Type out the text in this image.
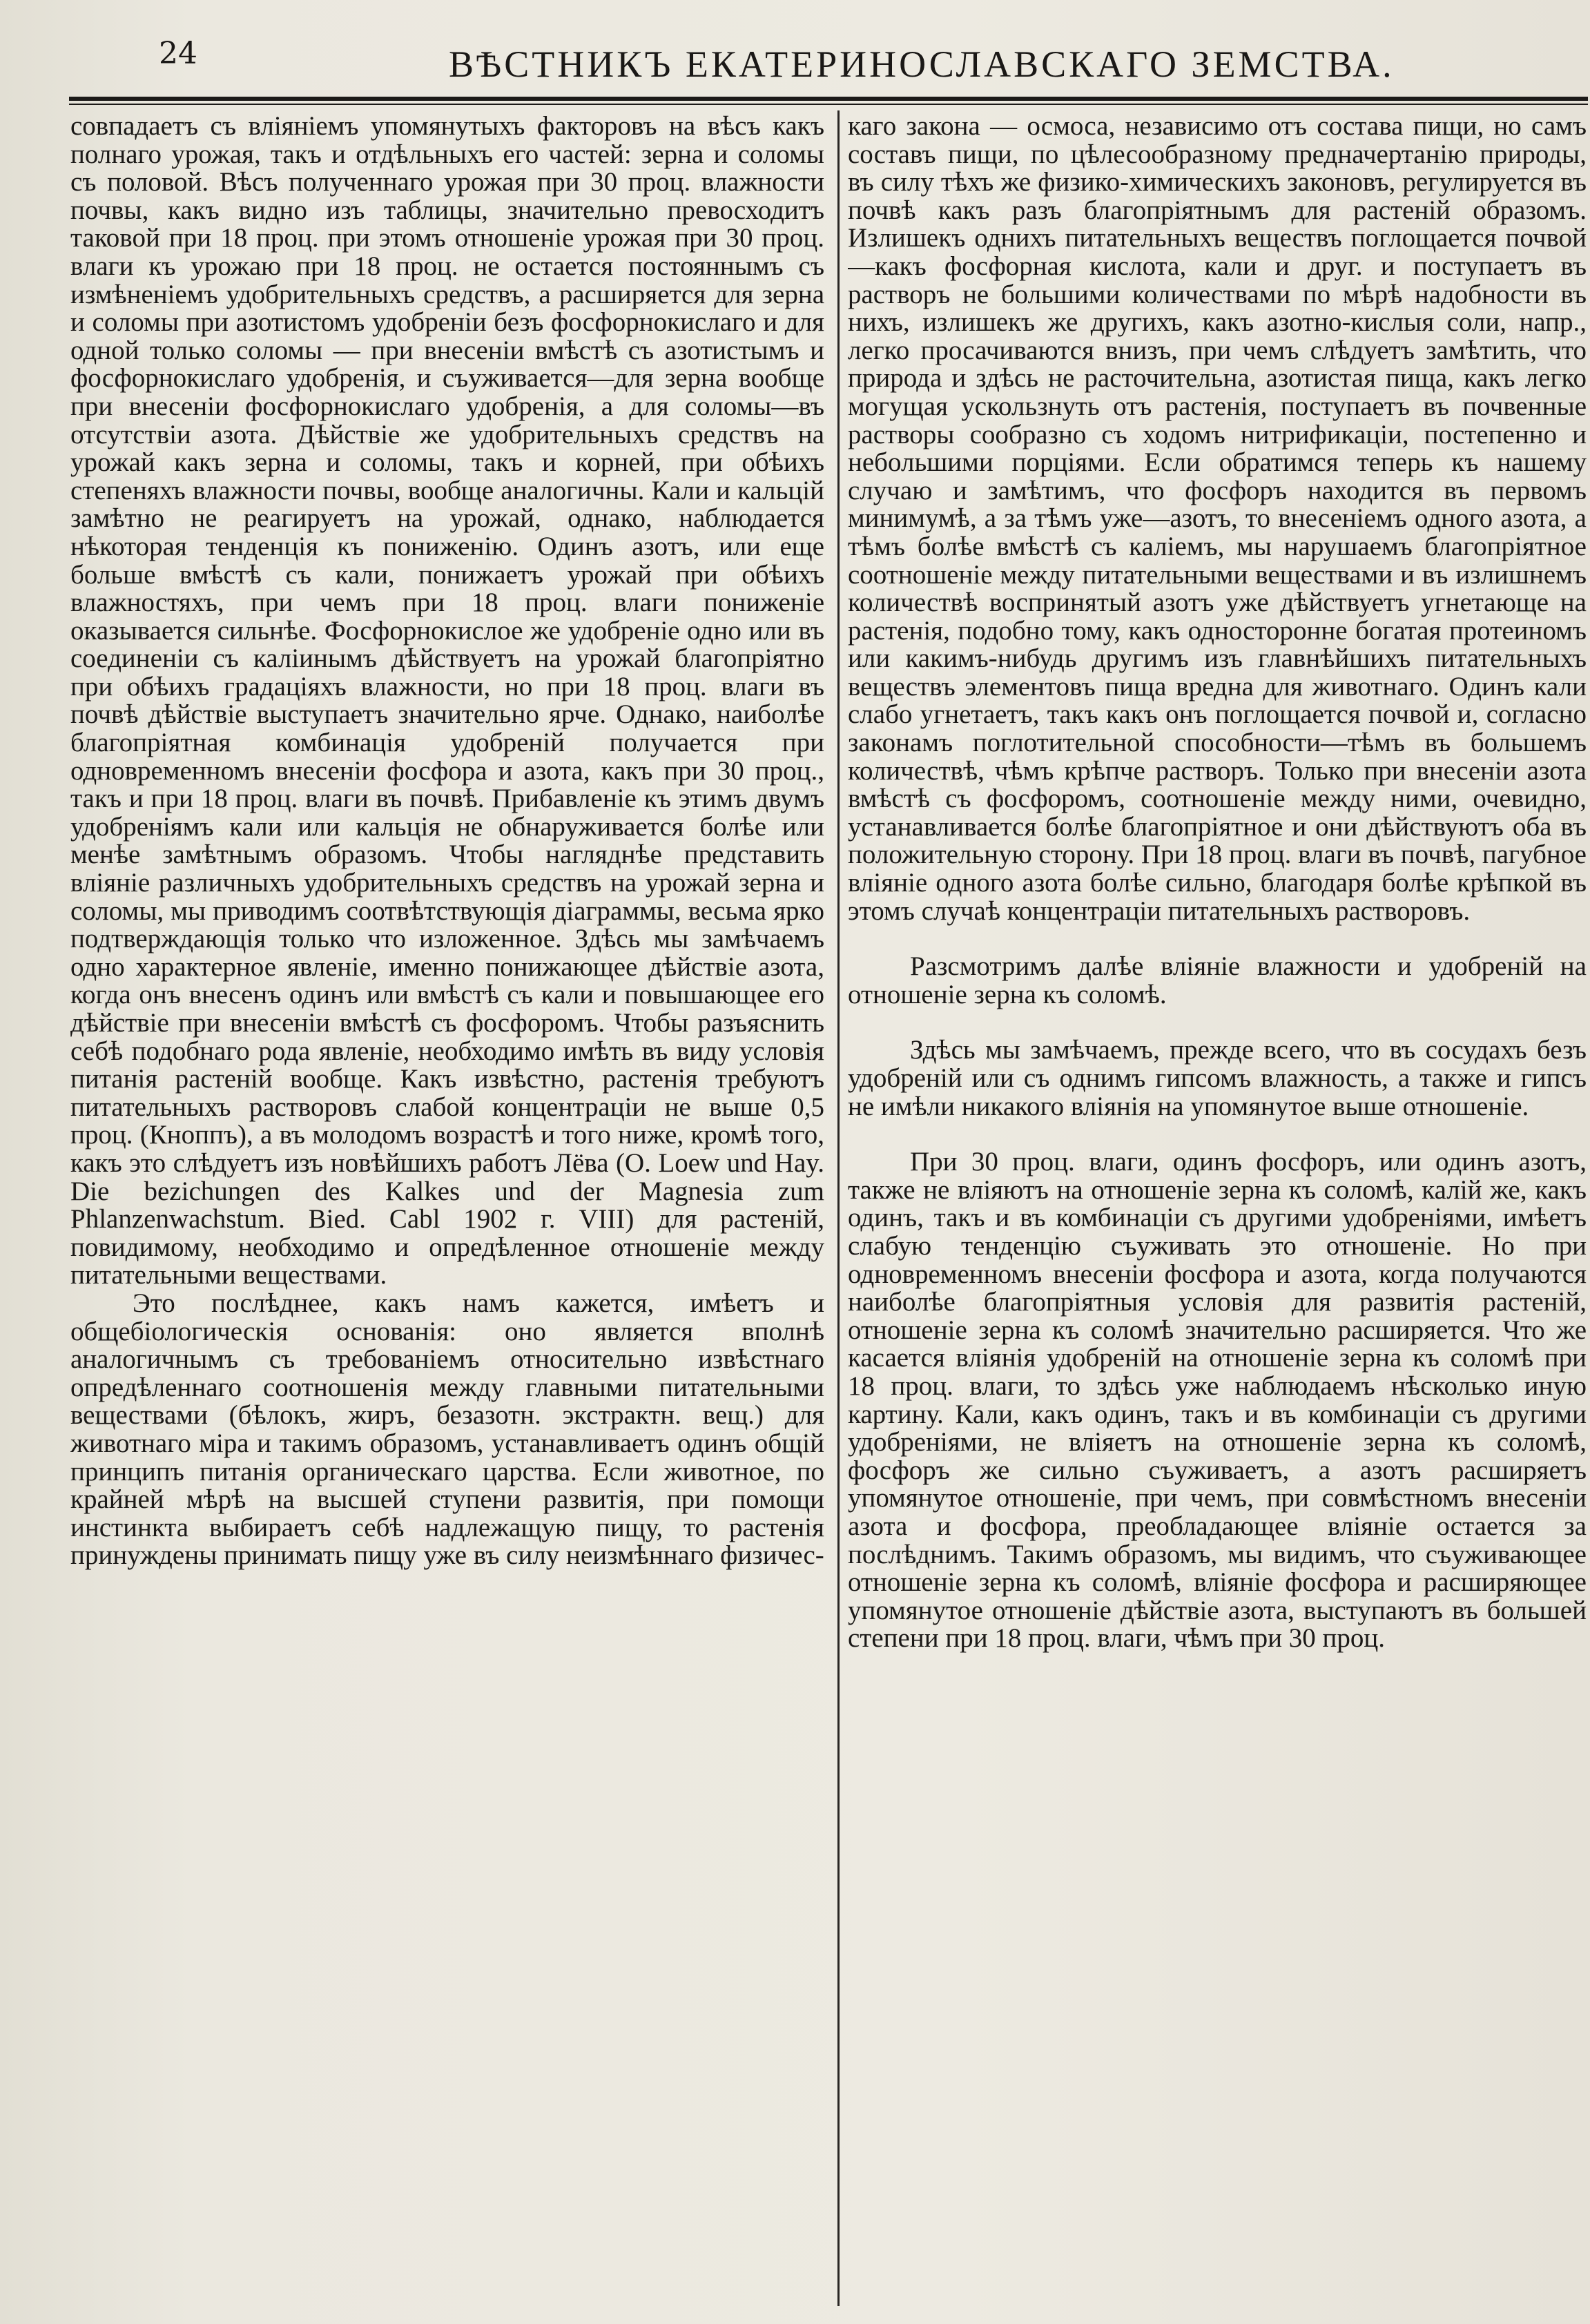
24	ВѢСТНИКЪ ЕКАТЕРИНОСЛАВСКАГО ЗЕМСТВА.

совпадаетъ съ вліяніемъ упомянутыхъ факторовъ на вѣсъ какъ полнаго урожая, такъ и отдѣльныхъ его частей: зерна и соломы съ половой. Вѣсъ полученнаго урожая при 30 проц. влажности почвы, какъ видно изъ таблицы, значительно превосходитъ таковой при 18 проц. при этомъ отношеніе урожая при 30 проц. влаги къ урожаю при 18 проц. не остается постояннымъ съ измѣненіемъ удобрительныхъ средствъ, а расширяется для зерна и соломы при азотистомъ удобреніи безъ фосфорнокислаго и для одной только соломы — при внесеніи вмѣстѣ съ азотистымъ и фосфорнокислаго удобренія, и съуживается—для зерна вообще при внесеніи фосфорнокислаго удобренія, а для соломы—въ отсутствіи азота. Дѣйствіе же удобрительныхъ средствъ на урожай какъ зерна и соломы, такъ и корней, при обѣихъ степеняхъ влажности почвы, вообще аналогичны. Кали и кальцій замѣтно не реагируетъ на урожай, однако, наблюдается нѣкоторая тенденція къ пониженію. Одинъ азотъ, или еще больше вмѣстѣ съ кали, понижаетъ урожай при обѣихъ влажностяхъ, при чемъ при 18 проц. влаги пониженіе оказывается сильнѣе. Фосфорнокислое же удобреніе одно или въ соединеніи съ каліинымъ дѣйствуетъ на урожай благопріятно при обѣихъ градаціяхъ влажности, но при 18 проц. влаги въ почвѣ дѣйствіе выступаетъ значительно ярче. Однако, наиболѣе благопріятная комбинація удобреній получается при одновременномъ внесеніи фосфора и азота, какъ при 30 проц., такъ и при 18 проц. влаги въ почвѣ. Прибавленіе къ этимъ двумъ удобреніямъ кали или кальція не обнаруживается болѣе или менѣе замѣтнымъ образомъ. Чтобы нагляднѣе представить вліяніе различныхъ удобрительныхъ средствъ на урожай зерна и соломы, мы приводимъ соотвѣтствующія діаграммы, весьма ярко подтверждающія только что изложенное. Здѣсь мы замѣчаемъ одно характерное явленіе, именно понижающее дѣйствіе азота, когда онъ внесенъ одинъ или вмѣстѣ съ кали и повышающее его дѣйствіе при внесеніи вмѣстѣ съ фосфоромъ. Чтобы разъяснить себѣ подобнаго рода явленіе, необходимо имѣть въ виду условія питанія растеній вообще. Какъ извѣстно, растенія требуютъ питательныхъ растворовъ слабой концентраціи не выше 0,5 проц. (Кноппъ), а въ молодомъ возрастѣ и того ниже, кромѣ того, какъ это слѣдуетъ изъ новѣйшихъ работъ Лёва (O. Loew und Hay. Die bezichungen des Kalkes und der Magnesia zum Phlanzenwachstum. Bied. Cabl 1902 г. VIII) для растеній, повидимому, необходимо и опредѣленное отношеніе между питательными веществами.

Это послѣднее, какъ намъ кажется, имѣетъ и общебіологическія основанія: оно является вполнѣ аналогичнымъ съ требованіемъ относительно извѣстнаго опредѣленнаго соотношенія между главными питательными веществами (бѣлокъ, жиръ, безазотн. экстрактн. вещ.) для животнаго міра и такимъ образомъ, устанавливаетъ одинъ общій принципъ питанія органическаго царства. Если животное, по крайней мѣрѣ на высшей ступени развитія, при помощи инстинкта выбираетъ себѣ надлежащую пищу, то растенія принуждены принимать пищу уже въ силу неизмѣннаго физичес-

каго закона — осмоса, независимо отъ состава пищи, но самъ составъ пищи, по цѣлесообразному предначертанію природы, въ силу тѣхъ же физико-химическихъ законовъ, регулируется въ почвѣ какъ разъ благопріятнымъ для растеній образомъ. Излишекъ однихъ питательныхъ веществъ поглощается почвой—какъ фосфорная кислота, кали и друг. и поступаетъ въ растворъ не большими количествами по мѣрѣ надобности въ нихъ, излишекъ же другихъ, какъ азотно-кислыя соли, напр., легко просачиваются внизъ, при чемъ слѣдуетъ замѣтить, что природа и здѣсь не расточительна, азотистая пища, какъ легко могущая ускользнуть отъ растенія, поступаетъ въ почвенные растворы сообразно съ ходомъ нитрификаціи, постепенно и небольшими порціями. Если обратимся теперь къ нашему случаю и замѣтимъ, что фосфоръ находится въ первомъ минимумѣ, а за тѣмъ уже—азотъ, то внесеніемъ одного азота, а тѣмъ болѣе вмѣстѣ съ каліемъ, мы нарушаемъ благопріятное соотношеніе между питательными веществами и въ излишнемъ количествѣ воспринятый азотъ уже дѣйствуетъ угнетающе на растенія, подобно тому, какъ односторонне богатая протеиномъ или какимъ-нибудь другимъ изъ главнѣйшихъ питательныхъ веществъ элементовъ пища вредна для животнаго. Одинъ кали слабо угнетаетъ, такъ какъ онъ поглощается почвой и, согласно законамъ поглотительной способности—тѣмъ въ большемъ количествѣ, чѣмъ крѣпче растворъ. Только при внесеніи азота вмѣстѣ съ фосфоромъ, соотношеніе между ними, очевидно, устанавливается болѣе благопріятное и они дѣйствуютъ оба въ положительную сторону. При 18 проц. влаги въ почвѣ, пагубное вліяніе одного азота болѣе сильно, благодаря болѣе крѣпкой въ этомъ случаѣ концентраціи питательныхъ растворовъ.

Разсмотримъ далѣе вліяніе влажности и удобреній на отношеніе зерна къ соломѣ.

Здѣсь мы замѣчаемъ, прежде всего, что въ сосудахъ безъ удобреній или съ однимъ гипсомъ влажность, а также и гипсъ не имѣли никакого вліянія на упомянутое выше отношеніе.

При 30 проц. влаги, одинъ фосфоръ, или одинъ азотъ, также не вліяютъ на отношеніе зерна къ соломѣ, калій же, какъ одинъ, такъ и въ комбинаціи съ другими удобреніями, имѣетъ слабую тенденцію съуживать это отношеніе. Но при одновременномъ внесеніи фосфора и азота, когда получаются наиболѣе благопріятныя условія для развитія растеній, отношеніе зерна къ соломѣ значительно расширяется. Что же касается вліянія удобреній на отношеніе зерна къ соломѣ при 18 проц. влаги, то здѣсь уже наблюдаемъ нѣсколько иную картину. Кали, какъ одинъ, такъ и въ комбинаціи съ другими удобреніями, не вліяетъ на отношеніе зерна къ соломѣ, фосфоръ же сильно съуживаетъ, а азотъ расширяетъ упомянутое отношеніе, при чемъ, при совмѣстномъ внесеніи азота и фосфора, преобладающее вліяніе остается за послѣднимъ. Такимъ образомъ, мы видимъ, что съуживающее отношеніе зерна къ соломѣ, вліяніе фосфора и расширяющее упомянутое отношеніе дѣйствіе азота, выступаютъ въ большей степени при 18 проц. влаги, чѣмъ при 30 проц.
